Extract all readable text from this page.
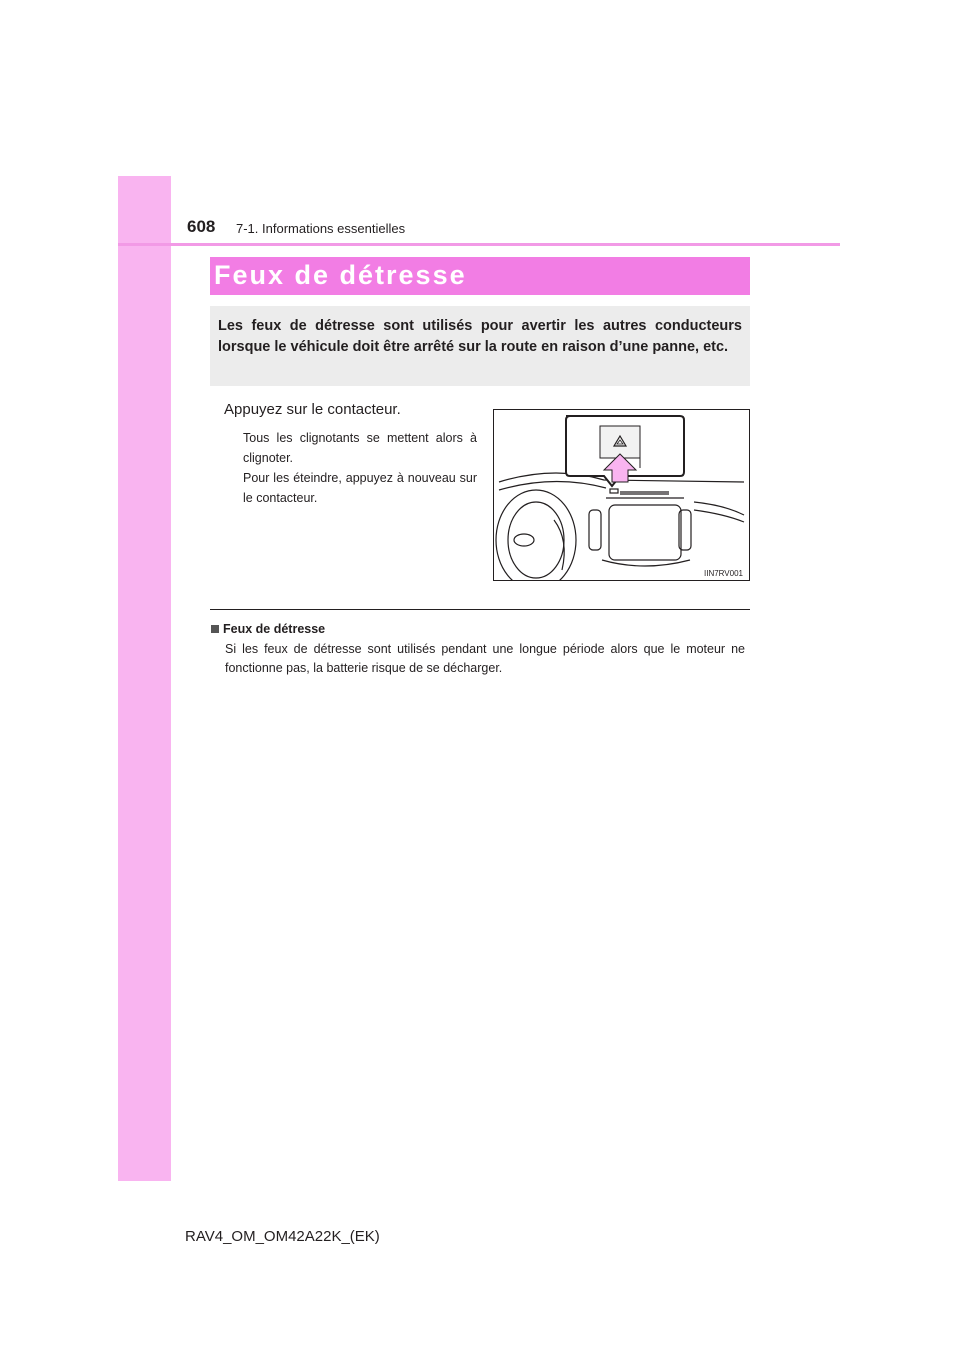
608 7-1. Informations essentielles
Feux de détresse
Les feux de détresse sont utilisés pour avertir les autres conducteurs lorsque le véhicule doit être arrêté sur la route en raison d’une panne, etc.
Appuyez sur le contacteur.
Tous les clignotants se mettent alors à clignoter.
Pour les éteindre, appuyez à nouveau sur le contacteur.
IIN7RV001
Feux de détresse
Si les feux de détresse sont utilisés pendant une longue période alors que le moteur ne fonctionne pas, la batterie risque de se décharger.
RAV4_OM_OM42A22K_(EK)
